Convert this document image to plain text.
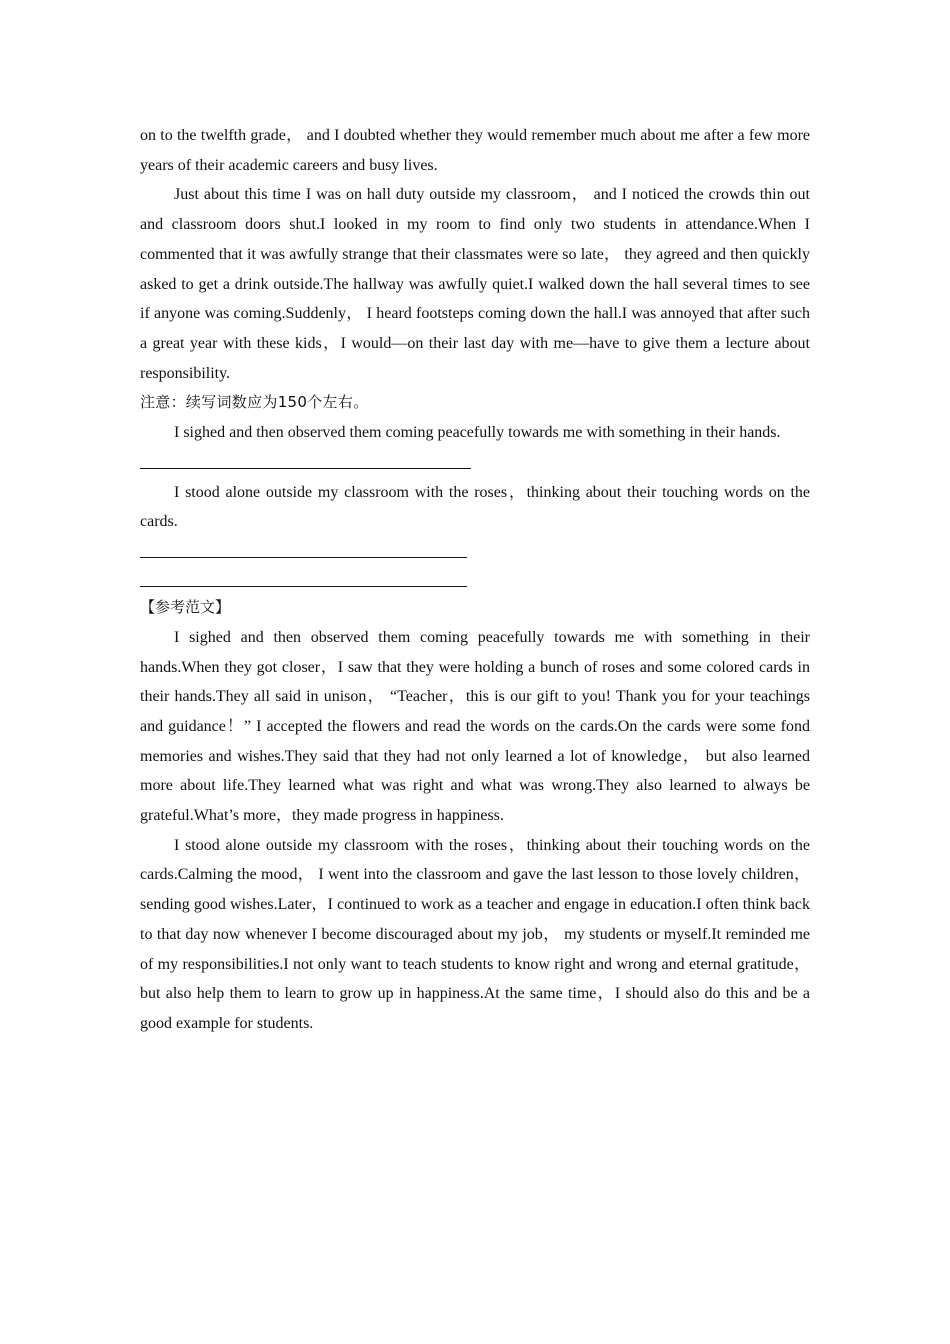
on to the twelfth grade， and I doubted whether they would remember much about me after a few more years of their academic careers and busy lives.

Just about this time I was on hall duty outside my classroom， and I noticed the crowds thin out and classroom doors shut.I looked in my room to find only two students in attendance.When I commented that it was awfully strange that their classmates were so late， they agreed and then quickly asked to get a drink outside.The hallway was awfully quiet.I walked down the hall several times to see if anyone was coming.Suddenly， I heard footsteps coming down the hall.I was annoyed that after such a great year with these kids，I would—on their last day with me—have to give them a lecture about responsibility.

注意：续写词数应为150个左右。

I sighed and then observed them coming peacefully towards me with something in their hands.

I stood alone outside my classroom with the roses，thinking about their touching words on the cards.

【参考范文】

I sighed and then observed them coming peacefully towards me with something in their hands.When they got closer，I saw that they were holding a bunch of roses and some colored cards in their hands.They all said in unison， “Teacher，this is our gift to you! Thank you for your teachings and guidance！” I accepted the flowers and read the words on the cards.On the cards were some fond memories and wishes.They said that they had not only learned a lot of knowledge， but also learned more about life.They learned what was right and what was wrong.They also learned to always be grateful.What’s more，they made progress in happiness.

I stood alone outside my classroom with the roses，thinking about their touching words on the cards.Calming the mood， I went into the classroom and gave the last lesson to those lovely children，sending good wishes.Later，I continued to work as a teacher and engage in education.I often think back to that day now whenever I become discouraged about my job， my students or myself.It reminded me of my responsibilities.I not only want to teach students to know right and wrong and eternal gratitude， but also help them to learn to grow up in happiness.At the same time，I should also do this and be a good example for students.
